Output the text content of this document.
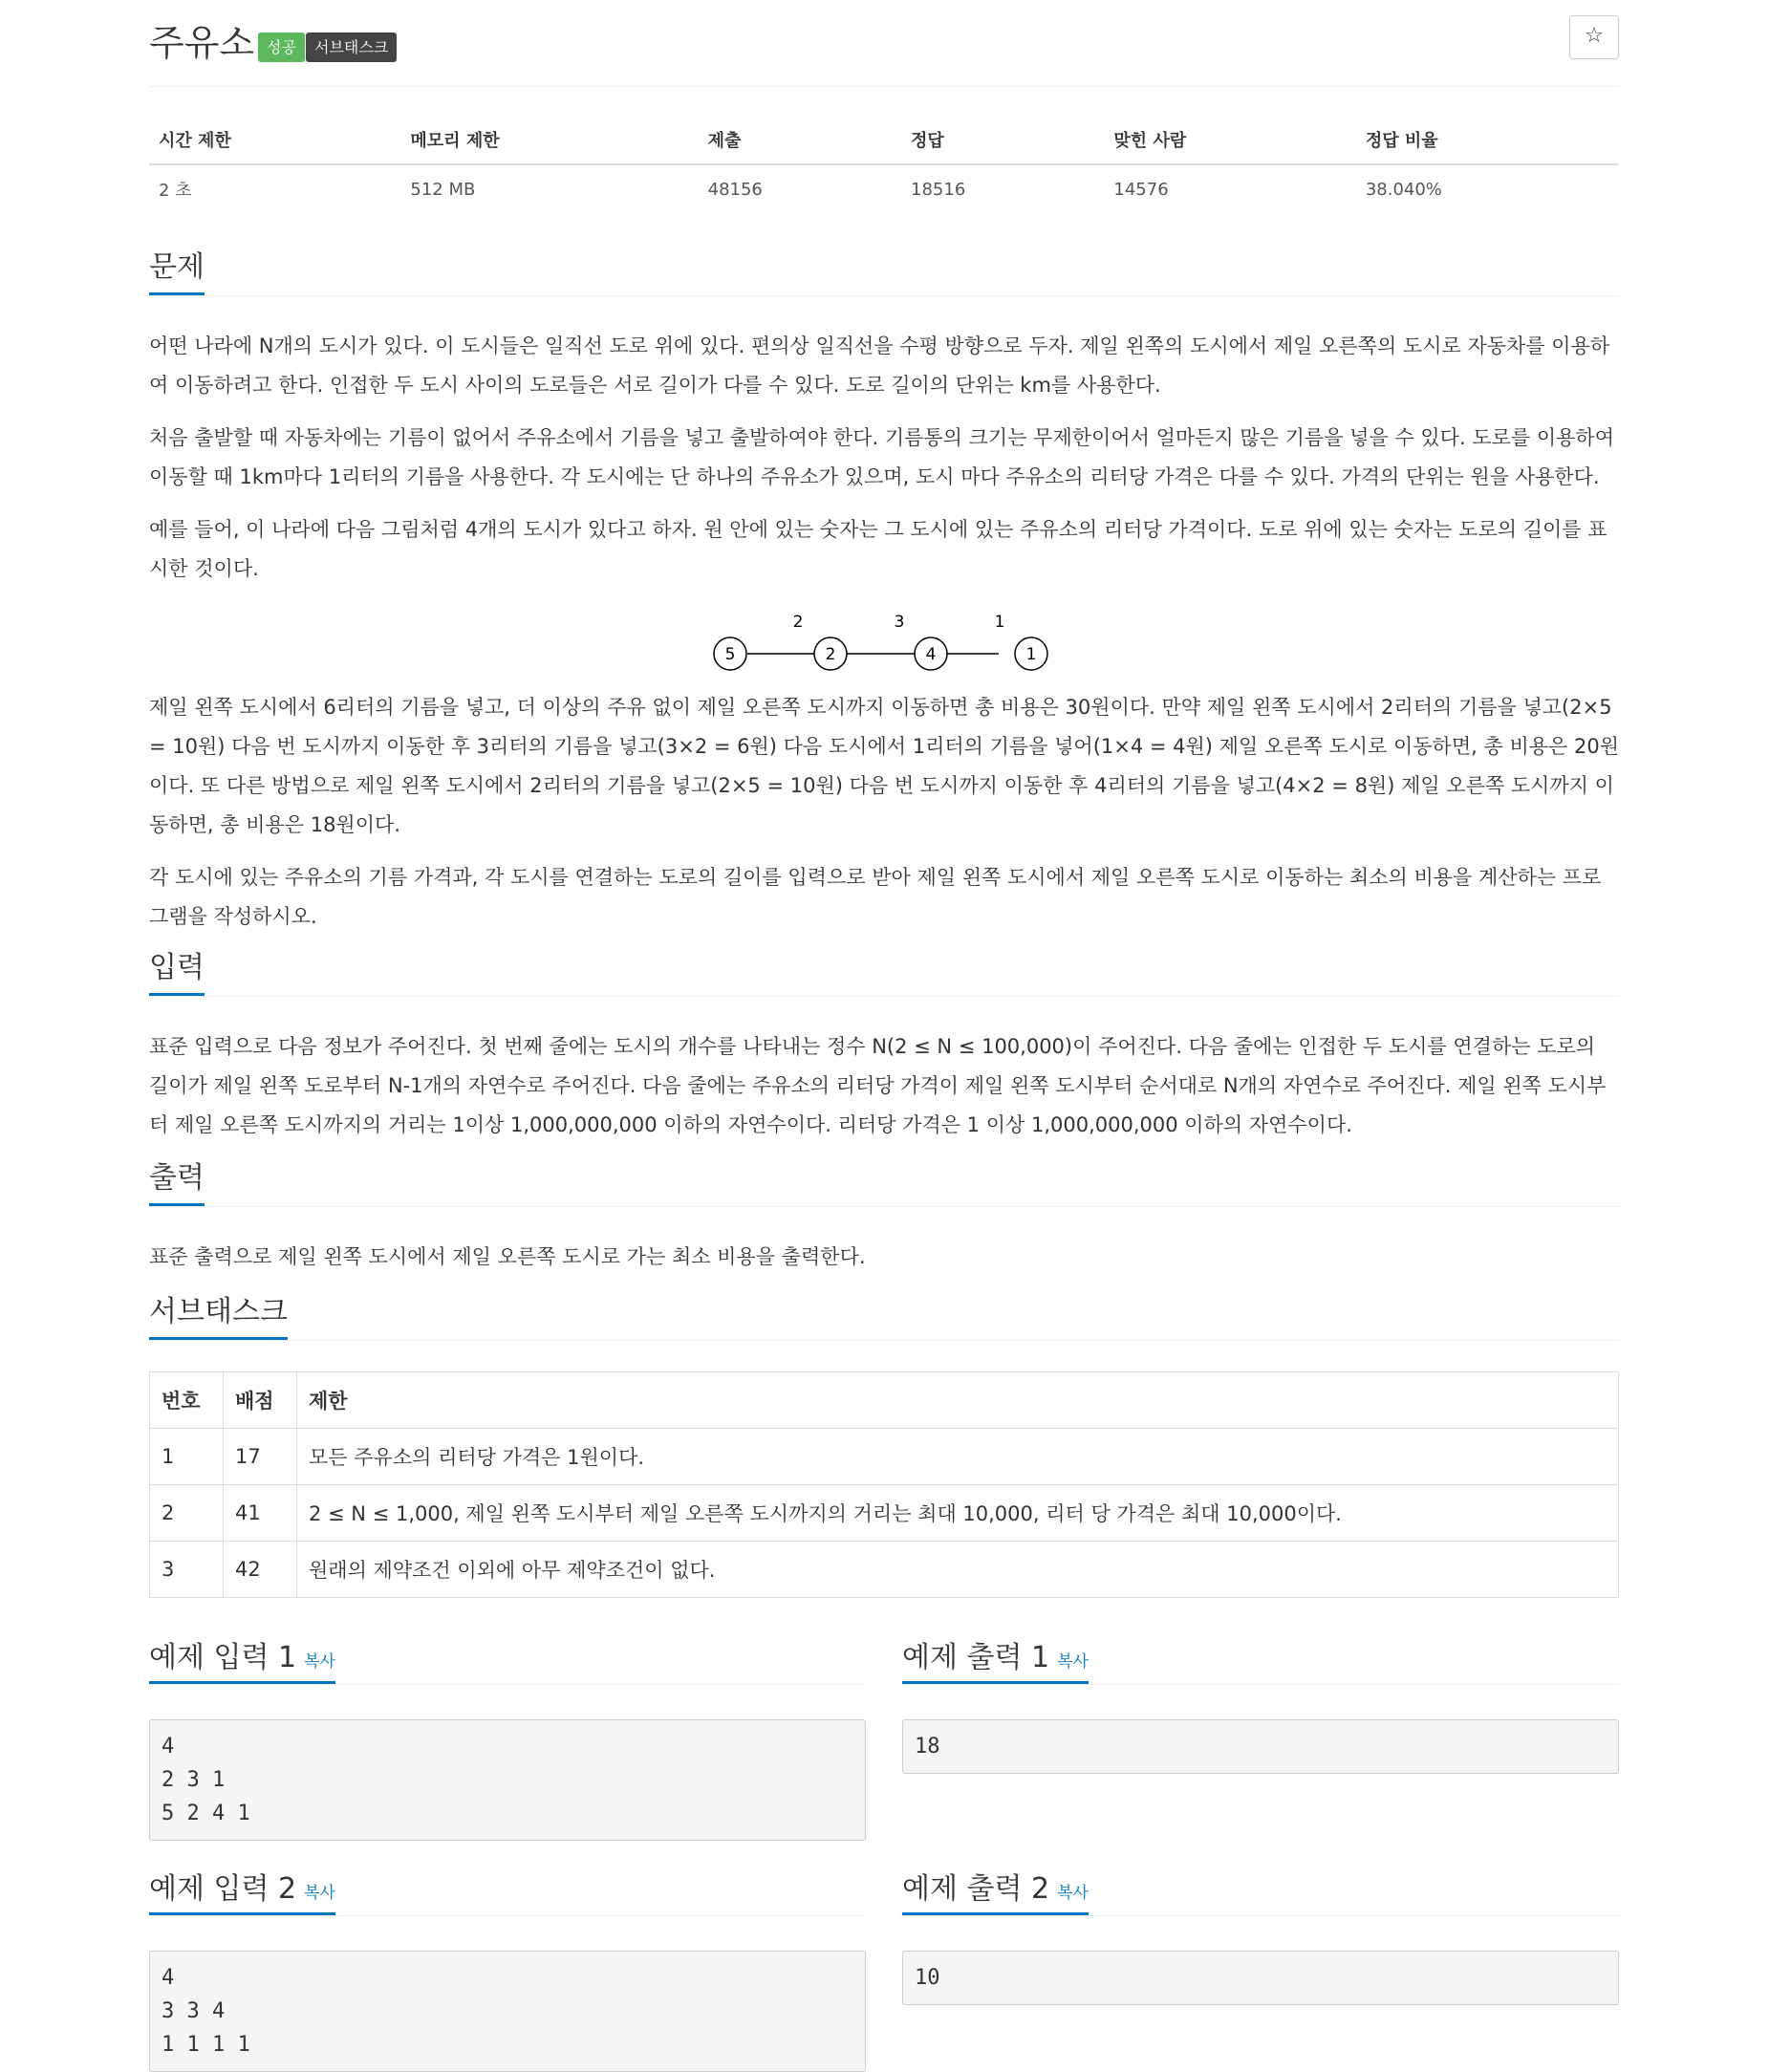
주유소 성공	서브태스크	☆
시간 제한	메모리 제한	제출	정답	맞힌 사람	정답 비율
2 초	512 MB	48156	18516	14576	38.040%
문제

어떤 나라에 N개의 도시가 있다. 이 도시들은 일직선 도로 위에 있다. 편의상 일직선을 수평 방향으로 두자. 제일 왼쪽의 도시에서 제일 오른쪽의 도시로 자동차를 이용하여 이동하려고 한다. 인접한 두 도시 사이의 도로들은 서로 길이가 다를 수 있다. 도로 길이의 단위는 km를 사용한다.

처음 출발할 때 자동차에는 기름이 없어서 주유소에서 기름을 넣고 출발하여야 한다. 기름통의 크기는 무제한이어서 얼마든지 많은 기름을 넣을 수 있다. 도로를 이용하여 이동할 때 1km마다 1리터의 기름을 사용한다. 각 도시에는 단 하나의 주유소가 있으며, 도시 마다 주유소의 리터당 가격은 다를 수 있다. 가격의 단위는 원을 사용한다.

예를 들어, 이 나라에 다음 그림처럼 4개의 도시가 있다고 하자. 원 안에 있는 숫자는 그 도시에 있는 주유소의 리터당 가격이다. 도로 위에 있는 숫자는 도로의 길이를 표시한 것이다.

2	3	1
5	2	4	1

제일 왼쪽 도시에서 6리터의 기름을 넣고, 더 이상의 주유 없이 제일 오른쪽 도시까지 이동하면 총 비용은 30원이다. 만약 제일 왼쪽 도시에서 2리터의 기름을 넣고(2×5 = 10원) 다음 번 도시까지 이동한 후 3리터의 기름을 넣고(3×2 = 6원) 다음 도시에서 1리터의 기름을 넣어(1×4 = 4원) 제일 오른쪽 도시로 이동하면, 총 비용은 20원이다. 또 다른 방법으로 제일 왼쪽 도시에서 2리터의 기름을 넣고(2×5 = 10원) 다음 번 도시까지 이동한 후 4리터의 기름을 넣고(4×2 = 8원) 제일 오른쪽 도시까지 이동하면, 총 비용은 18원이다.

각 도시에 있는 주유소의 기름 가격과, 각 도시를 연결하는 도로의 길이를 입력으로 받아 제일 왼쪽 도시에서 제일 오른쪽 도시로 이동하는 최소의 비용을 계산하는 프로그램을 작성하시오.

입력

표준 입력으로 다음 정보가 주어진다. 첫 번째 줄에는 도시의 개수를 나타내는 정수 N(2 ≤ N ≤ 100,000)이 주어진다. 다음 줄에는 인접한 두 도시를 연결하는 도로의 길이가 제일 왼쪽 도로부터 N-1개의 자연수로 주어진다. 다음 줄에는 주유소의 리터당 가격이 제일 왼쪽 도시부터 순서대로 N개의 자연수로 주어진다. 제일 왼쪽 도시부터 제일 오른쪽 도시까지의 거리는 1이상 1,000,000,000 이하의 자연수이다. 리터당 가격은 1 이상 1,000,000,000 이하의 자연수이다.

출력

표준 출력으로 제일 왼쪽 도시에서 제일 오른쪽 도시로 가는 최소 비용을 출력한다.

서브태스크
번호	배점	제한
1	17	모든 주유소의 리터당 가격은 1원이다.
2	41	2 ≤ N ≤ 1,000, 제일 왼쪽 도시부터 제일 오른쪽 도시까지의 거리는 최대 10,000, 리터 당 가격은 최대 10,000이다.
3	42	원래의 제약조건 이외에 아무 제약조건이 없다.
예제 입력 1 복사
4
2 3 1
5 2 4 1
예제 출력 1 복사
18
예제 입력 2 복사
4
3 3 4
1 1 1 1
예제 출력 2 복사
10
